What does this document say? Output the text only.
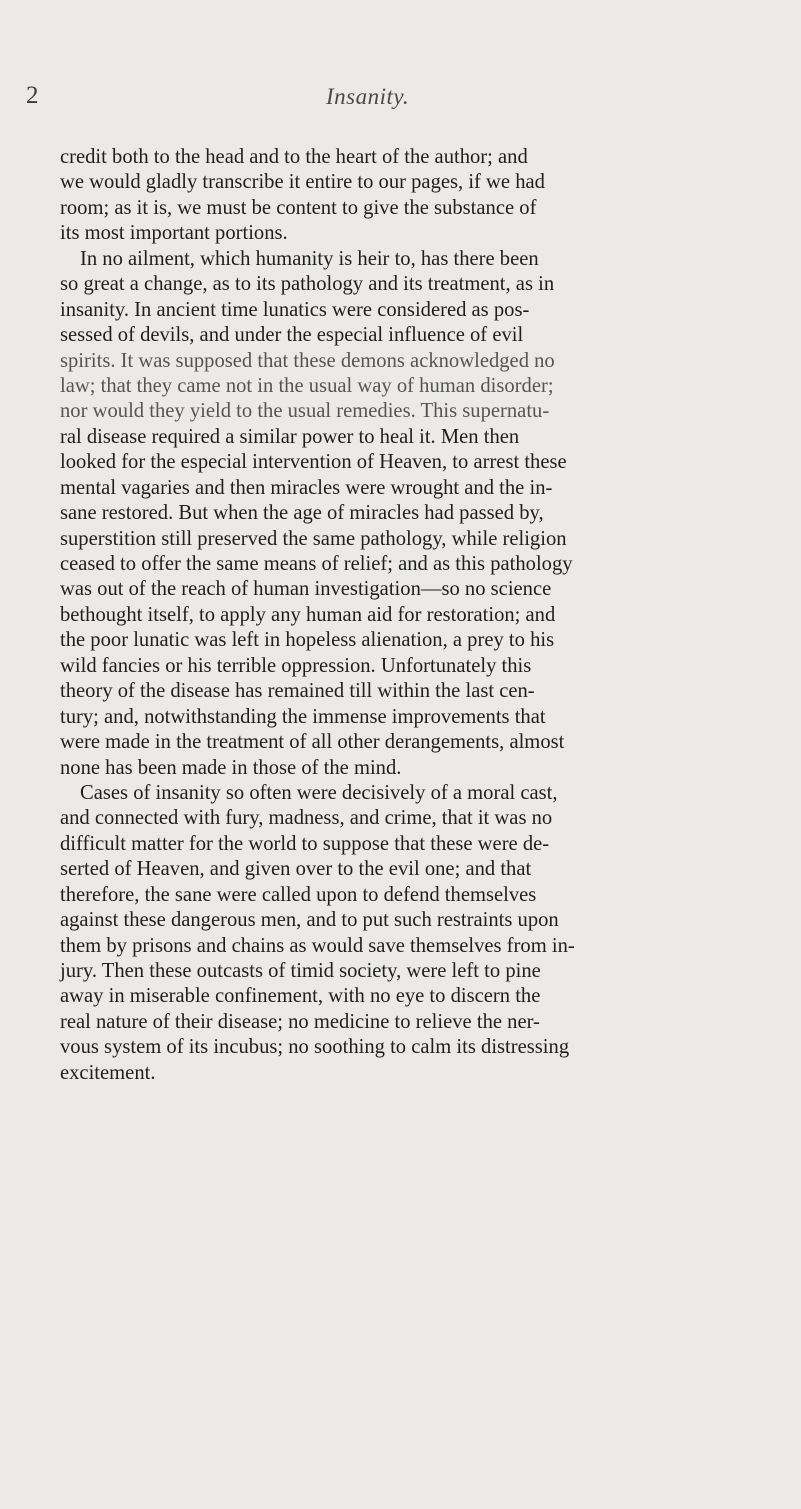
2	Insanity.
credit both to the head and to the heart of the author; and
we would gladly transcribe it entire to our pages, if we had
room; as it is, we must be content to give the substance of
its most important portions.
In no ailment, which humanity is heir to, has there been
so great a change, as to its pathology and its treatment, as in
insanity. In ancient time lunatics were considered as pos-
sessed of devils, and under the especial influence of evil
spirits. It was supposed that these demons acknowledged no
law; that they came not in the usual way of human disorder;
nor would they yield to the usual remedies. This supernatu-
ral disease required a similar power to heal it. Men then
looked for the especial intervention of Heaven, to arrest these
mental vagaries and then miracles were wrought and the in-
sane restored. But when the age of miracles had passed by,
superstition still preserved the same pathology, while religion
ceased to offer the same means of relief; and as this pathology
was out of the reach of human investigation—so no science
bethought itself, to apply any human aid for restoration; and
the poor lunatic was left in hopeless alienation, a prey to his
wild fancies or his terrible oppression. Unfortunately this
theory of the disease has remained till within the last cen-
tury; and, notwithstanding the immense improvements that
were made in the treatment of all other derangements, almost
none has been made in those of the mind.
Cases of insanity so often were decisively of a moral cast,
and connected with fury, madness, and crime, that it was no
difficult matter for the world to suppose that these were de-
serted of Heaven, and given over to the evil one; and that
therefore, the sane were called upon to defend themselves
against these dangerous men, and to put such restraints upon
them by prisons and chains as would save themselves from in-
jury. Then these outcasts of timid society, were left to pine
away in miserable confinement, with no eye to discern the
real nature of their disease; no medicine to relieve the ner-
vous system of its incubus; no soothing to calm its distressing
excitement.
